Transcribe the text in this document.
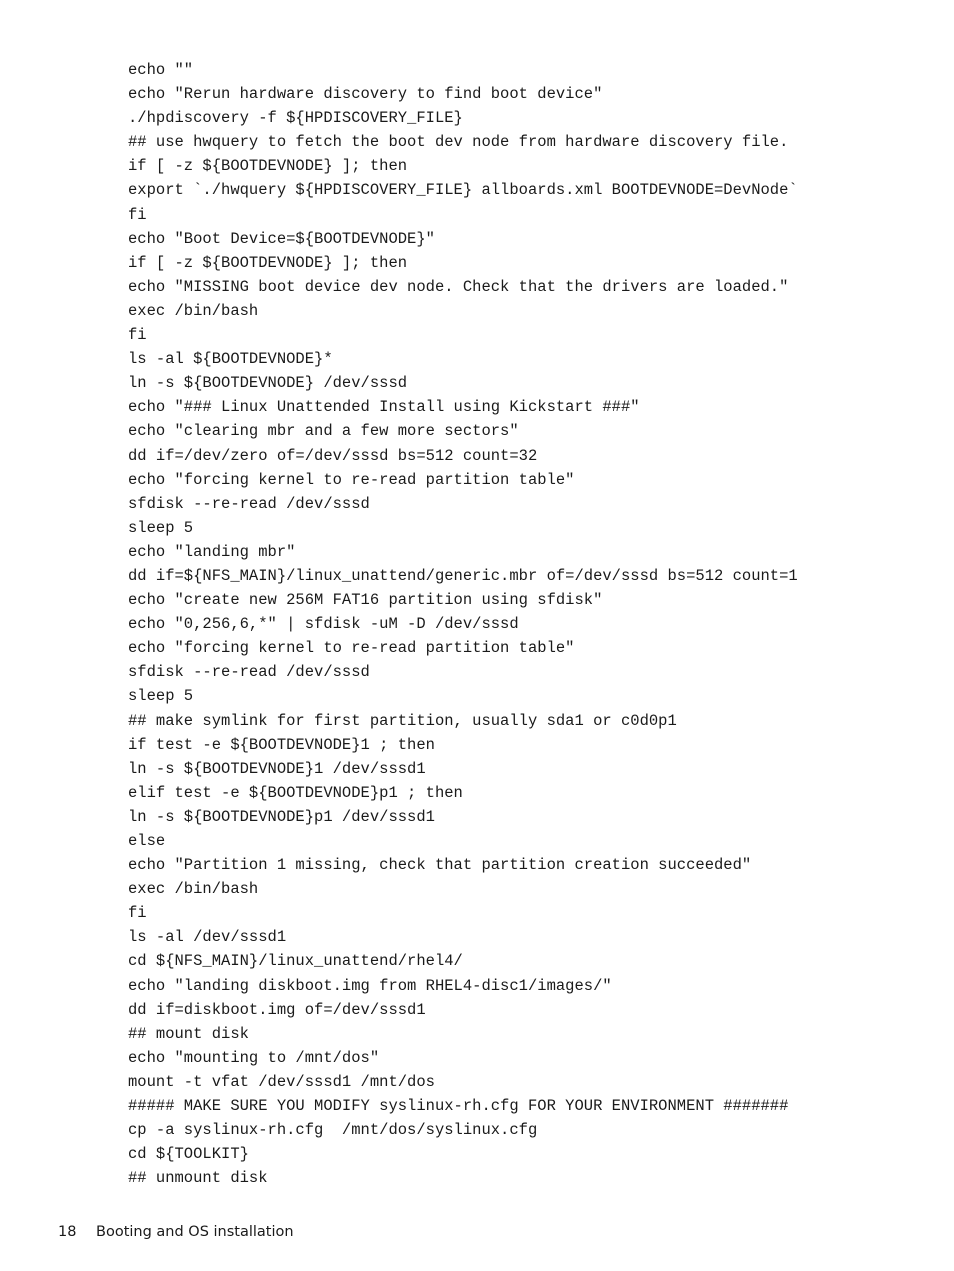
echo ""
echo "Rerun hardware discovery to find boot device"
./hpdiscovery -f ${HPDISCOVERY_FILE}
## use hwquery to fetch the boot dev node from hardware discovery file.
if [ -z ${BOOTDEVNODE} ]; then
export `./hwquery ${HPDISCOVERY_FILE} allboards.xml BOOTDEVNODE=DevNode`
fi
echo "Boot Device=${BOOTDEVNODE}"
if [ -z ${BOOTDEVNODE} ]; then
echo "MISSING boot device dev node. Check that the drivers are loaded."
exec /bin/bash
fi
ls -al ${BOOTDEVNODE}*
ln -s ${BOOTDEVNODE} /dev/sssd
echo "### Linux Unattended Install using Kickstart ###"
echo "clearing mbr and a few more sectors"
dd if=/dev/zero of=/dev/sssd bs=512 count=32
echo "forcing kernel to re-read partition table"
sfdisk --re-read /dev/sssd
sleep 5
echo "landing mbr"
dd if=${NFS_MAIN}/linux_unattend/generic.mbr of=/dev/sssd bs=512 count=1
echo "create new 256M FAT16 partition using sfdisk"
echo "0,256,6,*" | sfdisk -uM -D /dev/sssd
echo "forcing kernel to re-read partition table"
sfdisk --re-read /dev/sssd
sleep 5
## make symlink for first partition, usually sda1 or c0d0p1
if test -e ${BOOTDEVNODE}1 ; then
ln -s ${BOOTDEVNODE}1 /dev/sssd1
elif test -e ${BOOTDEVNODE}p1 ; then
ln -s ${BOOTDEVNODE}p1 /dev/sssd1
else
echo "Partition 1 missing, check that partition creation succeeded"
exec /bin/bash
fi
ls -al /dev/sssd1
cd ${NFS_MAIN}/linux_unattend/rhel4/
echo "landing diskboot.img from RHEL4-disc1/images/"
dd if=diskboot.img of=/dev/sssd1
## mount disk
echo "mounting to /mnt/dos"
mount -t vfat /dev/sssd1 /mnt/dos
##### MAKE SURE YOU MODIFY syslinux-rh.cfg FOR YOUR ENVIRONMENT #######
cp -a syslinux-rh.cfg  /mnt/dos/syslinux.cfg
cd ${TOOLKIT}
## unmount disk
18 Booting and OS installation
